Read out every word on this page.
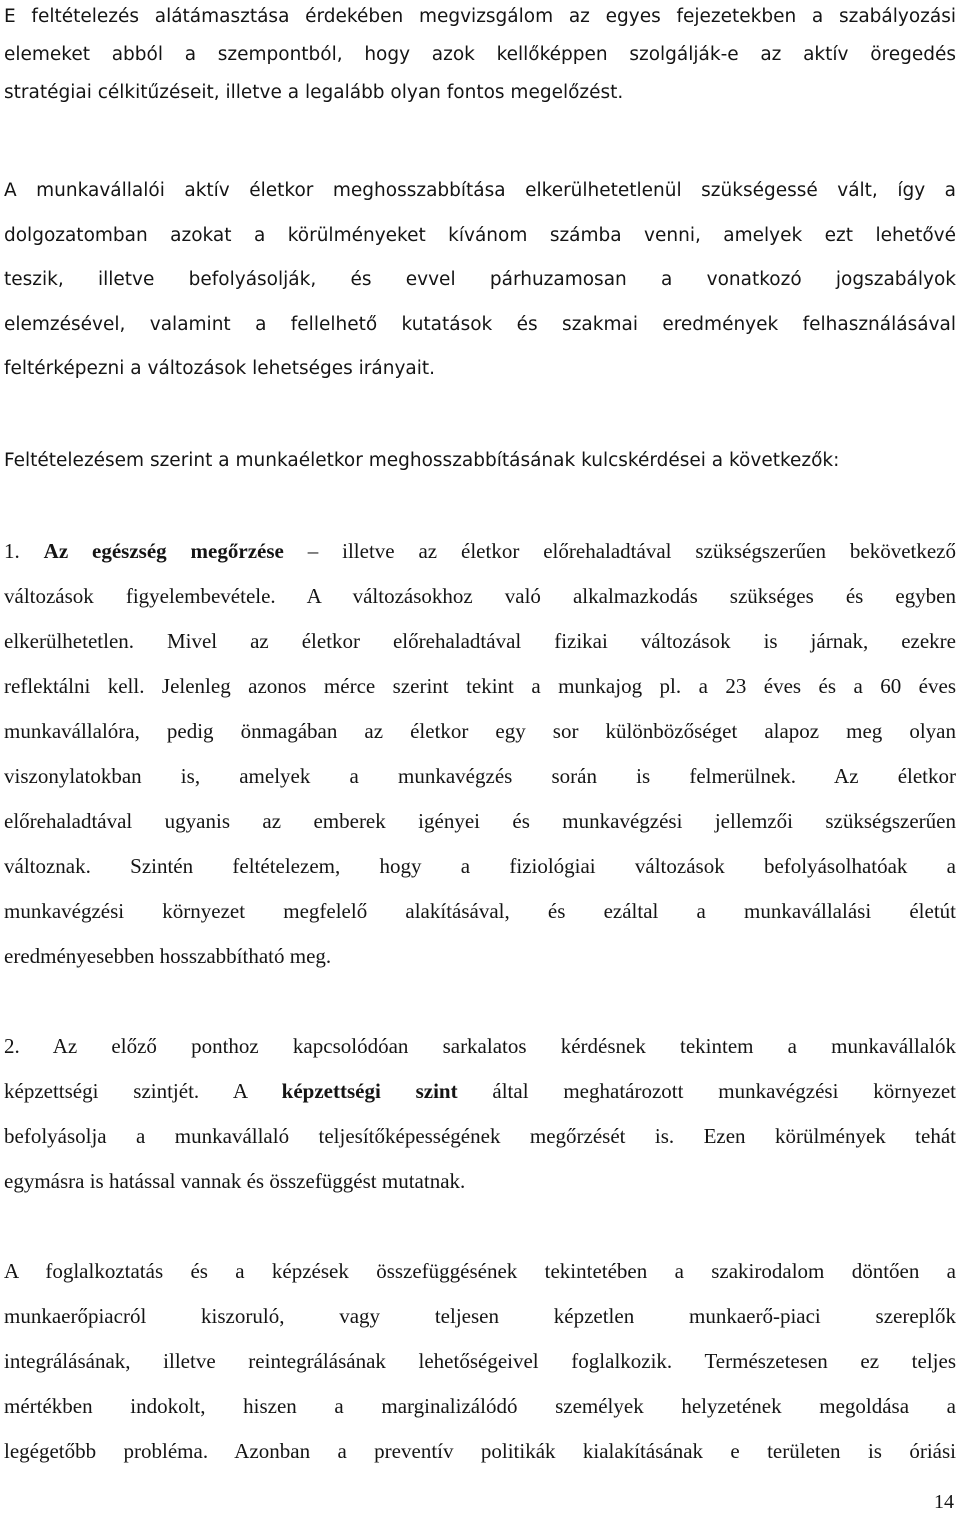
E feltételezés alátámasztása érdekében megvizsgálom az egyes fejezetekben a szabályozási
elemeket abból a szempontból, hogy azok kellőképpen szolgálják-e az aktív öregedés
stratégiai célkitűzéseit, illetve a legalább olyan fontos megelőzést.
A munkavállalói aktív életkor meghosszabbítása elkerülhetetlenül szükségessé vált, így a
dolgozatomban azokat a körülményeket kívánom számba venni, amelyek ezt lehetővé
teszik, illetve befolyásolják, és evvel párhuzamosan a vonatkozó jogszabályok
elemzésével, valamint a fellelhető kutatások és szakmai eredmények felhasználásával
feltérképezni a változások lehetséges irányait.
Feltételezésem szerint a munkaéletkor meghosszabbításának kulcskérdései a következők:
1. Az egészség megőrzése – illetve az életkor előrehaladtával szükségszerűen bekövetkező
változások figyelembevétele. A változásokhoz való alkalmazkodás szükséges és egyben
elkerülhetetlen. Mivel az életkor előrehaladtával fizikai változások is járnak, ezekre
reflektálni kell. Jelenleg azonos mérce szerint tekint a munkajog pl. a 23 éves és a 60 éves
munkavállalóra, pedig önmagában az életkor egy sor különbözőséget alapoz meg olyan
viszonylatokban is, amelyek a munkavégzés során is felmerülnek. Az életkor
előrehaladtával ugyanis az emberek igényei és munkavégzési jellemzői szükségszerűen
változnak. Szintén feltételezem, hogy a fiziológiai változások befolyásolhatóak a
munkavégzési környezet megfelelő alakításával, és ezáltal a munkavállalási életút
eredményesebben hosszabbítható meg.
2. Az előző ponthoz kapcsolódóan sarkalatos kérdésnek tekintem a munkavállalók
képzettségi szintjét. A képzettségi szint által meghatározott munkavégzési környezet
befolyásolja a munkavállaló teljesítőképességének megőrzését is. Ezen körülmények tehát
egymásra is hatással vannak és összefüggést mutatnak.
A foglalkoztatás és a képzések összefüggésének tekintetében a szakirodalom döntően a
munkaerőpiacról kiszoruló, vagy teljesen képzetlen munkaerő-piaci szereplők
integrálásának, illetve reintegrálásának lehetőségeivel foglalkozik. Természetesen ez teljes
mértékben indokolt, hiszen a marginalizálódó személyek helyzetének megoldása a
legégetőbb probléma. Azonban a preventív politikák kialakításának e területen is óriási
14
